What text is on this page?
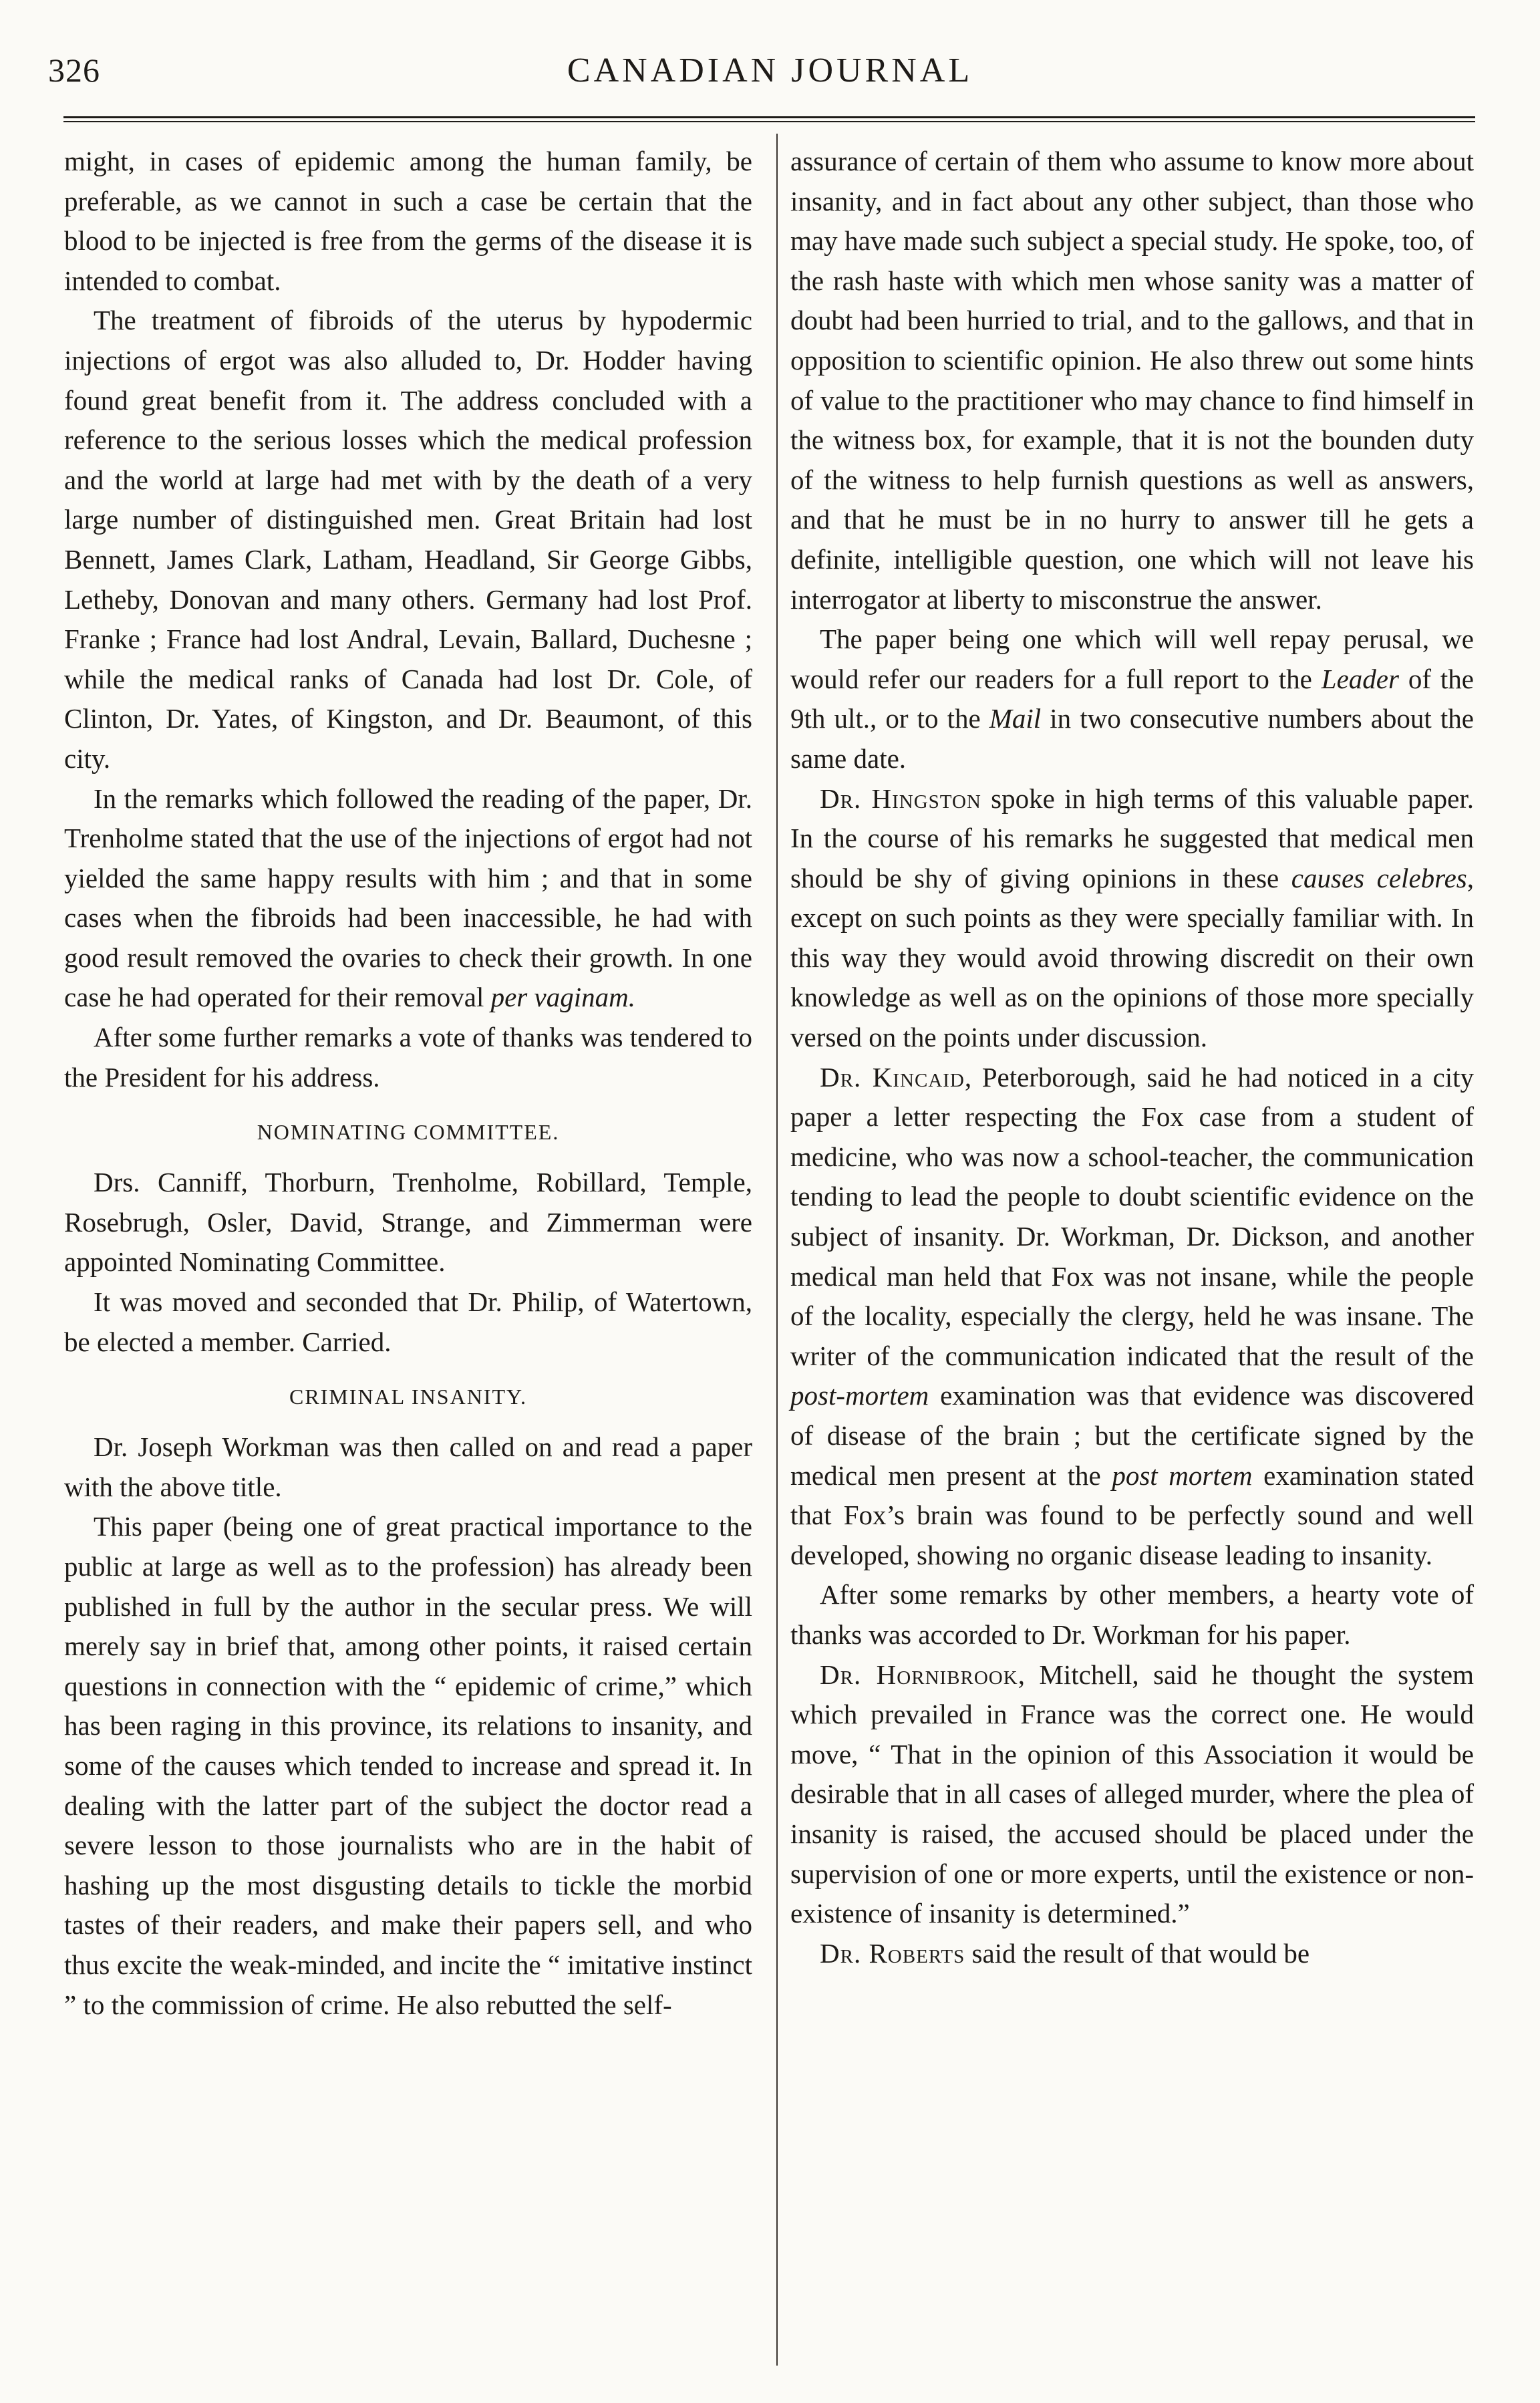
326	CANADIAN JOURNAL

might, in cases of epidemic among the human family, be preferable, as we cannot in such a case be certain that the blood to be injected is free from the germs of the disease it is intended to combat.

The treatment of fibroids of the uterus by hypodermic injections of ergot was also alluded to, Dr. Hodder having found great benefit from it. The address concluded with a reference to the serious losses which the medical profession and the world at large had met with by the death of a very large number of distinguished men. Great Britain had lost Bennett, James Clark, Latham, Headland, Sir George Gibbs, Letheby, Donovan and many others. Germany had lost Prof. Franke ; France had lost Andral, Levain, Ballard, Duchesne ; while the medical ranks of Canada had lost Dr. Cole, of Clinton, Dr. Yates, of Kingston, and Dr. Beaumont, of this city.

In the remarks which followed the reading of the paper, Dr. Trenholme stated that the use of the injections of ergot had not yielded the same happy results with him ; and that in some cases when the fibroids had been inaccessible, he had with good result removed the ovaries to check their growth. In one case he had operated for their removal per vaginam.

After some further remarks a vote of thanks was tendered to the President for his address.

NOMINATING COMMITTEE.

Drs. Canniff, Thorburn, Trenholme, Robillard, Temple, Rosebrugh, Osler, David, Strange, and Zimmerman were appointed Nominating Committee.

It was moved and seconded that Dr. Philip, of Watertown, be elected a member. Carried.

CRIMINAL INSANITY.

Dr. Joseph Workman was then called on and read a paper with the above title.

This paper (being one of great practical importance to the public at large as well as to the profession) has already been published in full by the author in the secular press. We will merely say in brief that, among other points, it raised certain questions in connection with the “ epidemic of crime,” which has been raging in this province, its relations to insanity, and some of the causes which tended to increase and spread it. In dealing with the latter part of the subject the doctor read a severe lesson to those journalists who are in the habit of hashing up the most disgusting details to tickle the morbid tastes of their readers, and make their papers sell, and who thus excite the weak-minded, and incite the “ imitative instinct ” to the commission of crime. He also rebutted the self-

assurance of certain of them who assume to know more about insanity, and in fact about any other subject, than those who may have made such subject a special study. He spoke, too, of the rash haste with which men whose sanity was a matter of doubt had been hurried to trial, and to the gallows, and that in opposition to scientific opinion. He also threw out some hints of value to the practitioner who may chance to find himself in the witness box, for example, that it is not the bounden duty of the witness to help furnish questions as well as answers, and that he must be in no hurry to answer till he gets a definite, intelligible question, one which will not leave his interrogator at liberty to misconstrue the answer.

The paper being one which will well repay perusal, we would refer our readers for a full report to the Leader of the 9th ult., or to the Mail in two consecutive numbers about the same date.

Dr. Hingston spoke in high terms of this valuable paper. In the course of his remarks he suggested that medical men should be shy of giving opinions in these causes celebres, except on such points as they were specially familiar with. In this way they would avoid throwing discredit on their own knowledge as well as on the opinions of those more specially versed on the points under discussion.

Dr. Kincaid, Peterborough, said he had noticed in a city paper a letter respecting the Fox case from a student of medicine, who was now a school-teacher, the communication tending to lead the people to doubt scientific evidence on the subject of insanity. Dr. Workman, Dr. Dickson, and another medical man held that Fox was not insane, while the people of the locality, especially the clergy, held he was insane. The writer of the communication indicated that the result of the post-mortem examination was that evidence was discovered of disease of the brain ; but the certificate signed by the medical men present at the post mortem examination stated that Fox’s brain was found to be perfectly sound and well developed, showing no organic disease leading to insanity.

After some remarks by other members, a hearty vote of thanks was accorded to Dr. Workman for his paper.

Dr. Hornibrook, Mitchell, said he thought the system which prevailed in France was the correct one. He would move, “ That in the opinion of this Association it would be desirable that in all cases of alleged murder, where the plea of insanity is raised, the accused should be placed under the supervision of one or more experts, until the existence or non-existence of insanity is determined.”

Dr. Roberts said the result of that would be
